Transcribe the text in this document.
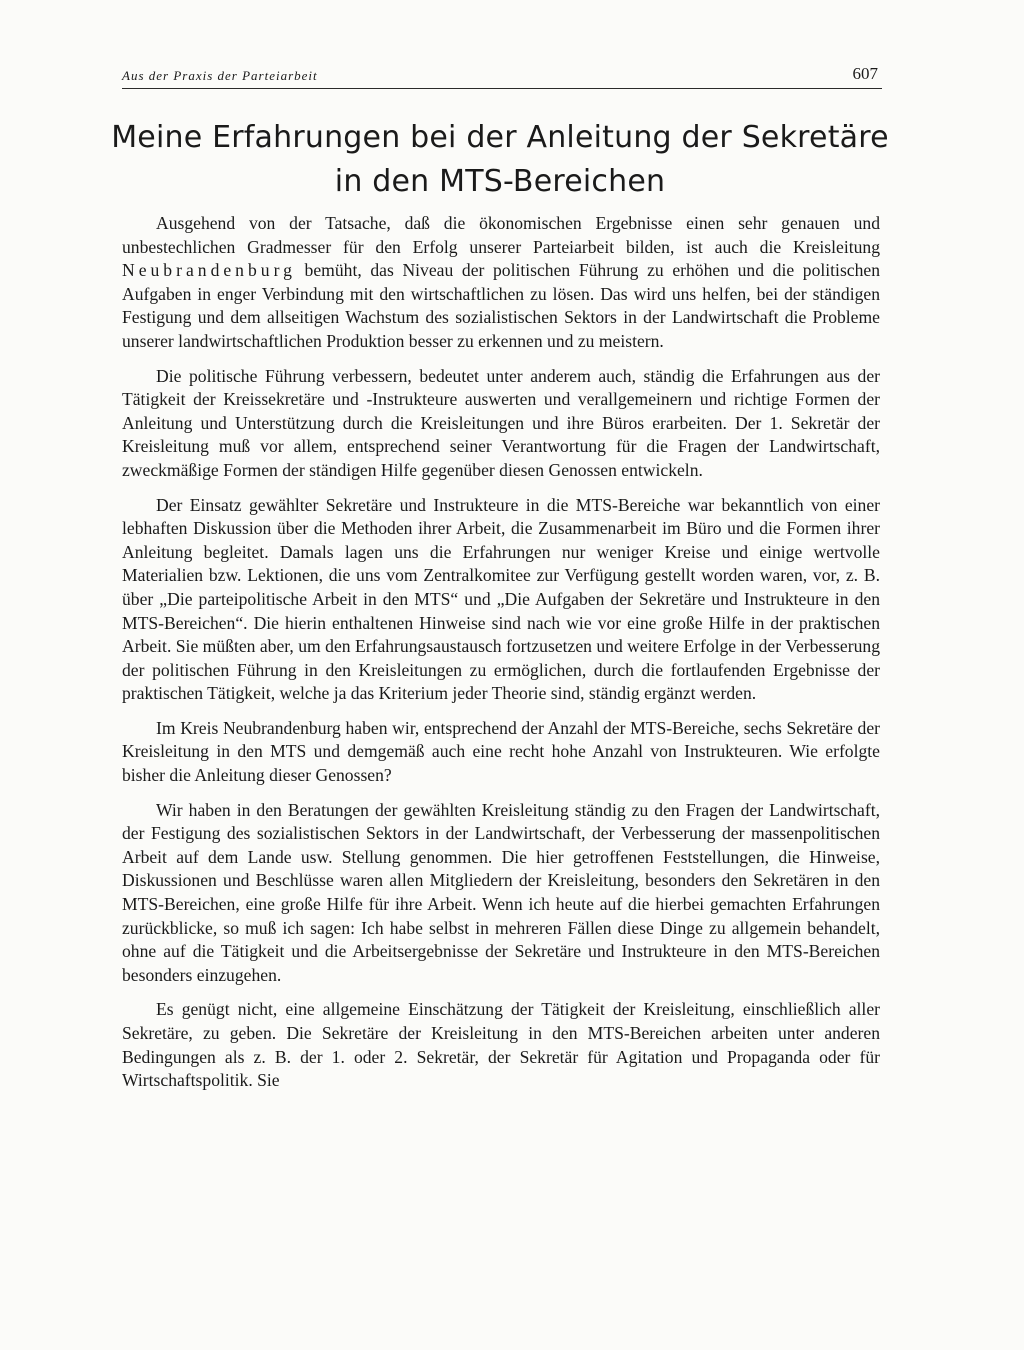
Aus der Praxis der Parteiarbeit	607
Meine Erfahrungen bei der Anleitung der Sekretäre
in den MTS-Bereichen

Ausgehend von der Tatsache, daß die ökonomischen Ergebnisse einen sehr genauen und unbestechlichen Gradmesser für den Erfolg unserer Parteiarbeit bilden, ist auch die Kreisleitung Neubrandenburg bemüht, das Niveau der politischen Führung zu erhöhen und die politischen Aufgaben in enger Verbindung mit den wirtschaftlichen zu lösen. Das wird uns helfen, bei der ständigen Festigung und dem allseitigen Wachstum des sozialistischen Sektors in der Landwirtschaft die Probleme unserer landwirtschaftlichen Produktion besser zu erkennen und zu meistern.

Die politische Führung verbessern, bedeutet unter anderem auch, ständig die Erfahrungen aus der Tätigkeit der Kreissekretäre und -Instrukteure auswerten und verallgemeinern und richtige Formen der Anleitung und Unterstützung durch die Kreisleitungen und ihre Büros erarbeiten. Der 1. Sekretär der Kreisleitung muß vor allem, entsprechend seiner Verantwortung für die Fragen der Landwirtschaft, zweckmäßige Formen der ständigen Hilfe gegenüber diesen Genossen entwickeln.

Der Einsatz gewählter Sekretäre und Instrukteure in die MTS-Bereiche war bekanntlich von einer lebhaften Diskussion über die Methoden ihrer Arbeit, die Zusammenarbeit im Büro und die Formen ihrer Anleitung begleitet. Damals lagen uns die Erfahrungen nur weniger Kreise und einige wertvolle Materialien bzw. Lektionen, die uns vom Zentralkomitee zur Verfügung gestellt worden waren, vor, z. B. über „Die parteipolitische Arbeit in den MTS“ und „Die Aufgaben der Sekretäre und Instrukteure in den MTS-Bereichen“. Die hierin enthaltenen Hinweise sind nach wie vor eine große Hilfe in der praktischen Arbeit. Sie müßten aber, um den Erfahrungsaustausch fortzusetzen und weitere Erfolge in der Verbesserung der politischen Führung in den Kreisleitungen zu ermöglichen, durch die fortlaufenden Ergebnisse der praktischen Tätigkeit, welche ja das Kriterium jeder Theorie sind, ständig ergänzt werden.

Im Kreis Neubrandenburg haben wir, entsprechend der Anzahl der MTS-Bereiche, sechs Sekretäre der Kreisleitung in den MTS und demgemäß auch eine recht hohe Anzahl von Instrukteuren. Wie erfolgte bisher die Anleitung dieser Genossen?

Wir haben in den Beratungen der gewählten Kreisleitung ständig zu den Fragen der Landwirtschaft, der Festigung des sozialistischen Sektors in der Landwirtschaft, der Verbesserung der massenpolitischen Arbeit auf dem Lande usw. Stellung genommen. Die hier getroffenen Feststellungen, die Hinweise, Diskussionen und Beschlüsse waren allen Mitgliedern der Kreisleitung, besonders den Sekretären in den MTS-Bereichen, eine große Hilfe für ihre Arbeit. Wenn ich heute auf die hierbei gemachten Erfahrungen zurückblicke, so muß ich sagen: Ich habe selbst in mehreren Fällen diese Dinge zu allgemein behandelt, ohne auf die Tätigkeit und die Arbeitsergebnisse der Sekretäre und Instrukteure in den MTS-Bereichen besonders einzugehen.

Es genügt nicht, eine allgemeine Einschätzung der Tätigkeit der Kreisleitung, einschließlich aller Sekretäre, zu geben. Die Sekretäre der Kreisleitung in den MTS-Bereichen arbeiten unter anderen Bedingungen als z. B. der 1. oder 2. Sekretär, der Sekretär für Agitation und Propaganda oder für Wirtschaftspolitik. Sie
